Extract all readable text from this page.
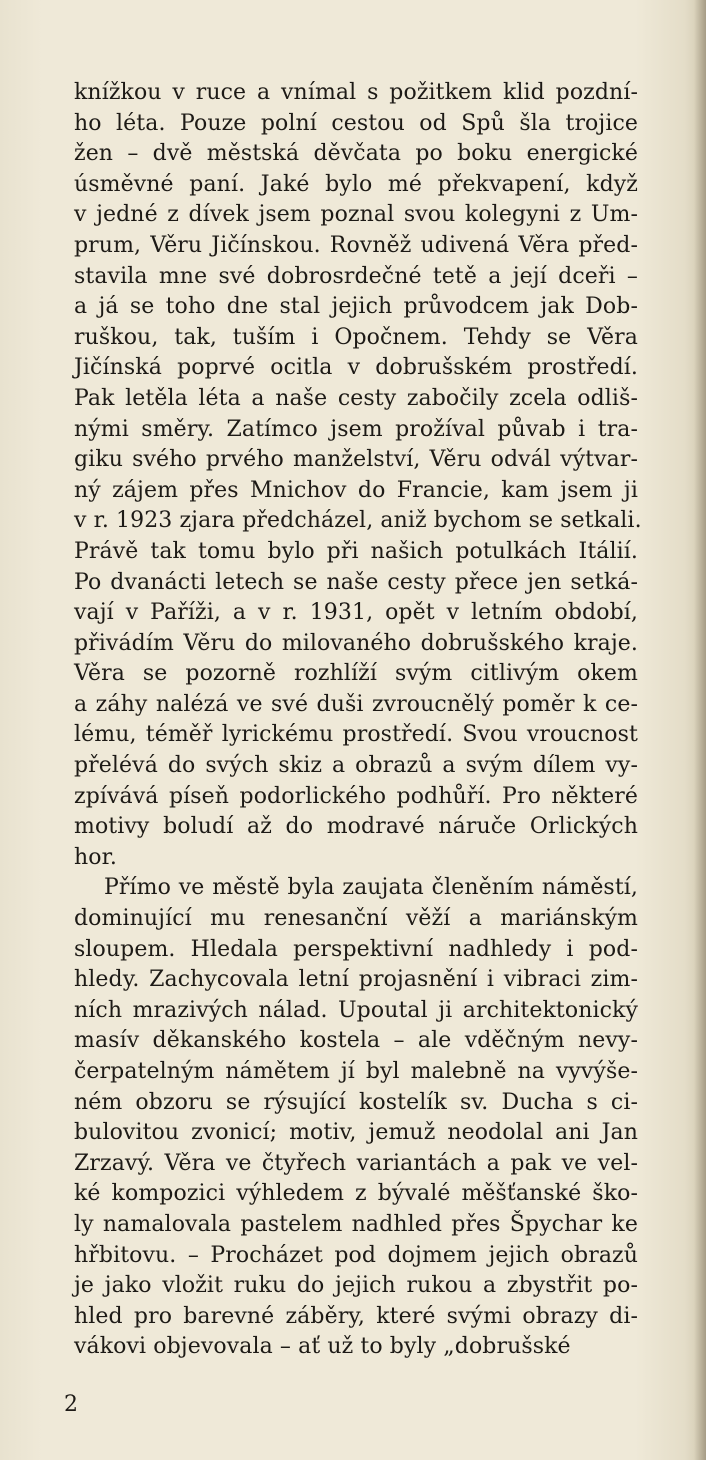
knížkou v ruce a vnímal s požitkem klid pozdní-
ho léta. Pouze polní cestou od Spů šla trojice
žen – dvě městská děvčata po boku energické
úsměvné paní. Jaké bylo mé překvapení, když
v jedné z dívek jsem poznal svou kolegyni z Um-
prum, Věru Jičínskou. Rovněž udivená Věra před-
stavila mne své dobrosrdečné tetě a její dceři –
a já se toho dne stal jejich průvodcem jak Dob-
ruškou, tak, tuším i Opočnem. Tehdy se Věra
Jičínská poprvé ocitla v dobrušském prostředí.
Pak letěla léta a naše cesty zabočily zcela odliš-
nými směry. Zatímco jsem prožíval půvab i tra-
giku svého prvého manželství, Věru odvál výtvar-
ný zájem přes Mnichov do Francie, kam jsem ji
v r. 1923 zjara předcházel, aniž bychom se setkali.
Právě tak tomu bylo při našich potulkách Itálií.
Po dvanácti letech se naše cesty přece jen setká-
vají v Paříži, a v r. 1931, opět v letním období,
přivádím Věru do milovaného dobrušského kraje.
Věra se pozorně rozhlíží svým citlivým okem
a záhy nalézá ve své duši zvroucnělý poměr k ce-
lému, téměř lyrickému prostředí. Svou vroucnost
přelévá do svých skiz a obrazů a svým dílem vy-
zpívává píseň podorlického podhůří. Pro některé
motivy boludí až do modravé náruče Orlických
hor.
Přímo ve městě byla zaujata členěním náměstí,
dominující mu renesanční věží a mariánským
sloupem. Hledala perspektivní nadhledy i pod-
hledy. Zachycovala letní projasnění i vibraci zim-
ních mrazivých nálad. Upoutal ji architektonický
masív děkanského kostela – ale vděčným nevy-
čerpatelným námětem jí byl malebně na vyvýše-
ném obzoru se rýsující kostelík sv. Ducha s ci-
bulovitou zvonicí; motiv, jemuž neodolal ani Jan
Zrzavý. Věra ve čtyřech variantách a pak ve vel-
ké kompozici výhledem z bývalé měšťanské ško-
ly namalovala pastelem nadhled přes Špychar ke
hřbitovu. – Procházet pod dojmem jejich obrazů
je jako vložit ruku do jejich rukou a zbystřit po-
hled pro barevné záběry, které svými obrazy di-
vákovi objevovala – ať už to byly „dobrušské
2
